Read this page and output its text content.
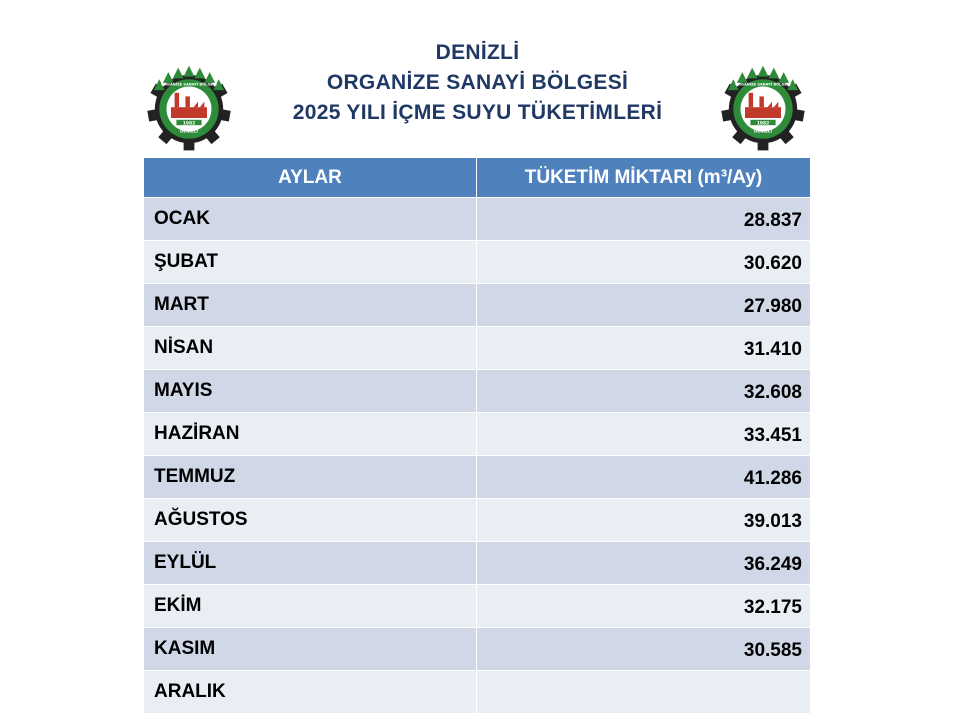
DENİZLİ
ORGANİZE SANAYİ BÖLGESİ
2025 YILI İÇME SUYU TÜKETİMLERİ
1982
DENİZLİ
ORGANİZE SANAYİ BÖLGESİ
1982
DENİZLİ
ORGANİZE SANAYİ BÖLGESİ
AYLAR	TÜKETİM MİKTARI (m³/Ay)
OCAK	28.837
ŞUBAT	30.620
MART	27.980
NİSAN	31.410
MAYIS	32.608
HAZİRAN	33.451
TEMMUZ	41.286
AĞUSTOS	39.013
EYLÜL	36.249
EKİM	32.175
KASIM	30.585
ARALIK	
